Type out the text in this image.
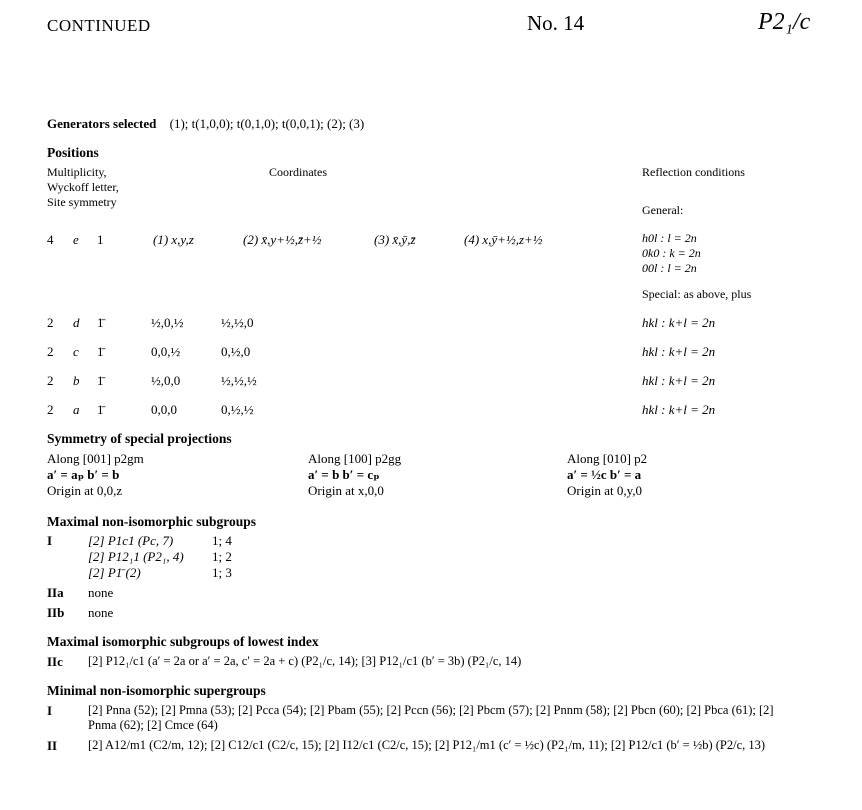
CONTINUED	No. 14	P2₁/c
Generators selected (1); t(1,0,0); t(0,1,0); t(0,0,1); (2); (3)
Positions
Multiplicity,
Wyckoff letter,
Site symmetry
Coordinates	Reflection conditions
General:
4 e 1	(1) x,y,z	(2) x̄,y+½,z̄+½	(3) x̄,ȳ,z̄	(4) x,ȳ+½,z+½	h0l : l = 2n
0k0 : k = 2n
00l : l = 2n
Special: as above, plus
2 d 1̄	½,0,½	½,½,0	hkl : k+l = 2n
2 c 1̄	0,0,½	0,½,0	hkl : k+l = 2n
2 b 1̄	½,0,0	½,½,½	hkl : k+l = 2n
2 a 1̄	0,0,0	0,½,½	hkl : k+l = 2n
Symmetry of special projections
Along [001] p2gm
a′ = aₚ b′ = b
Origin at 0,0,z
Along [100] p2gg
a′ = b b′ = cₚ
Origin at x,0,0
Along [010] p2
a′ = ½c b′ = a
Origin at 0,y,0
Maximal non-isomorphic subgroups
I	[2] P1c1 (Pc, 7)	1; 4
[2] P12₁1 (P2₁, 4) 1; 2
[2] P1̄ (2)	1; 3
IIa none
IIb none
Maximal isomorphic subgroups of lowest index
IIc [2] P12₁/c1 (a′ = 2a or a′ = 2a, c′ = 2a + c) (P2₁/c, 14); [3] P12₁/c1 (b′ = 3b) (P2₁/c, 14)
Minimal non-isomorphic supergroups
I	[2] Pnna (52); [2] Pmna (53); [2] Pcca (54); [2] Pbam (55); [2] Pccn (56); [2] Pbcm (57); [2] Pnnm (58); [2] Pbcn (60); [2] Pbca (61); [2] Pnma (62); [2] Cmce (64)
II [2] A12/m1 (C2/m, 12); [2] C12/c1 (C2/c, 15); [2] I12/c1 (C2/c, 15); [2] P12₁/m1 (c′ = ½c) (P2₁/m, 11); [2] P12/c1 (b′ = ½b) (P2/c, 13)
